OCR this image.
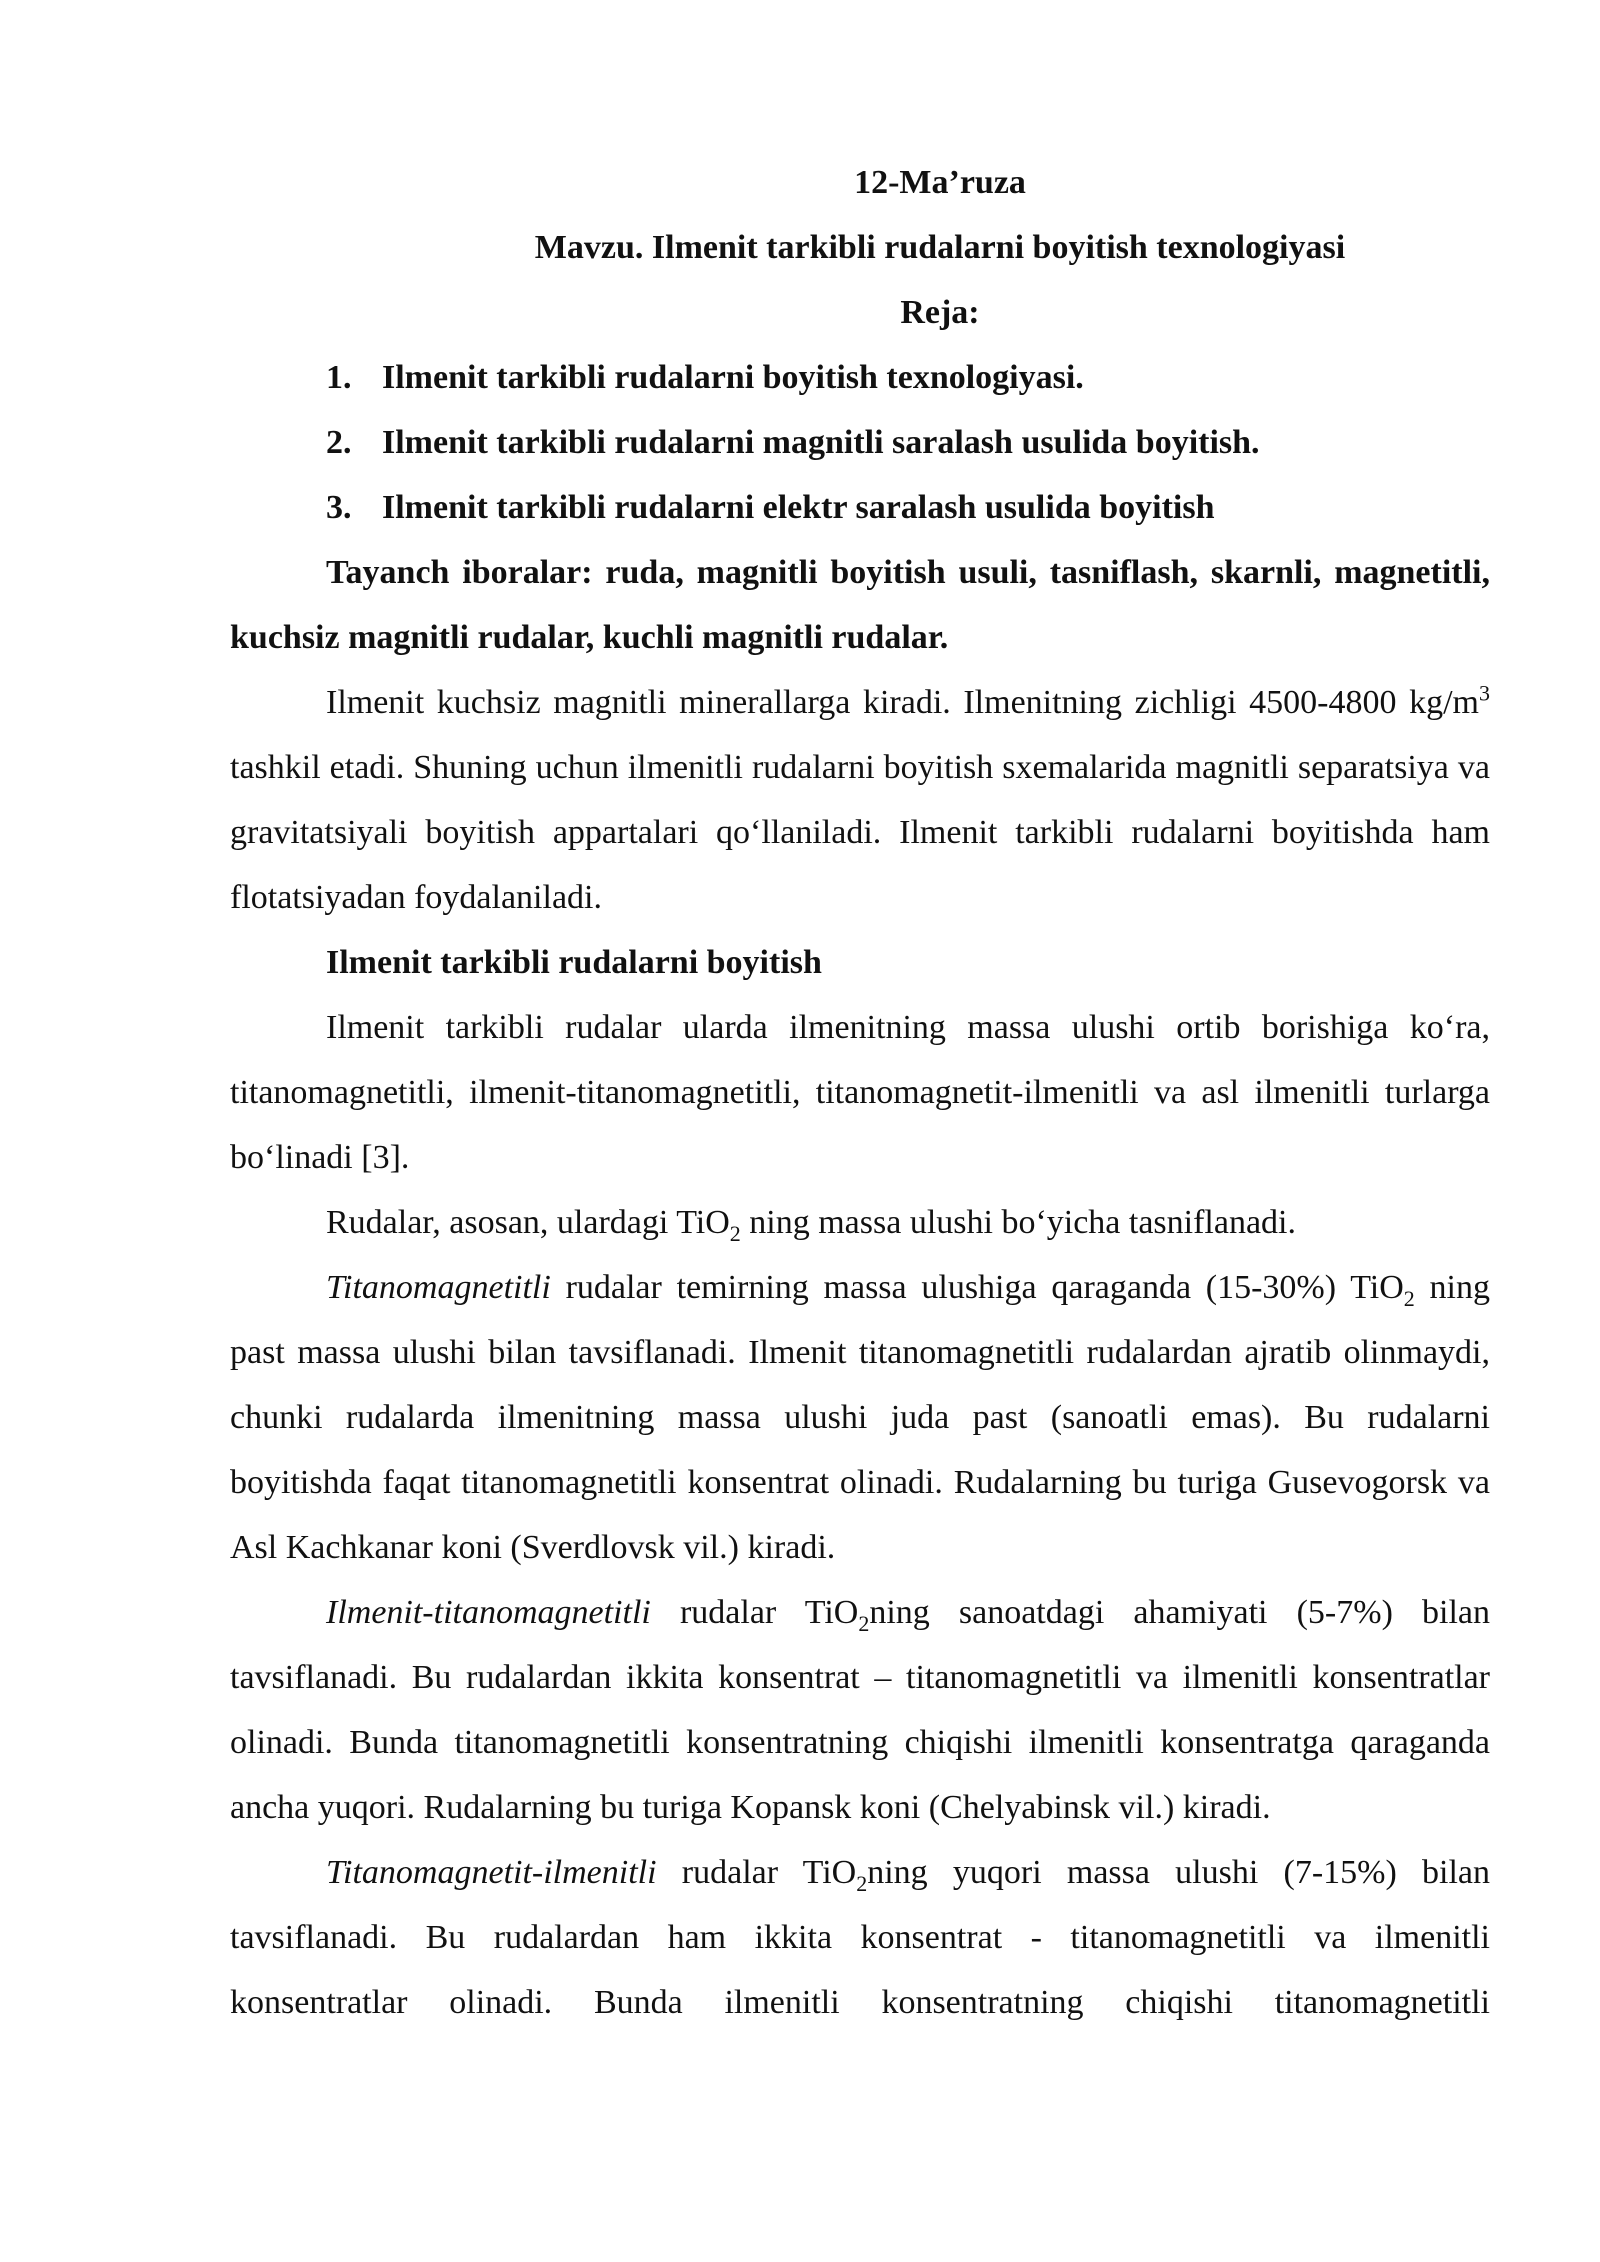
12-Ma’ruza
Mavzu. Ilmenit tarkibli rudalarni boyitish texnologiyasi
Reja:
1. Ilmenit tarkibli rudalarni boyitish texnologiyasi.
2. Ilmenit tarkibli rudalarni magnitli saralash usulida boyitish.
3. Ilmenit tarkibli rudalarni elektr saralash usulida boyitish

Tayanch iboralar: ruda, magnitli boyitish usuli, tasniflash, skarnli, magnetitli, kuchsiz magnitli rudalar, kuchli magnitli rudalar.

Ilmenit kuchsiz magnitli minerallarga kiradi. Ilmenitning zichligi 4500-4800 $kg/m^3$ tashkil etadi. Shuning uchun ilmenitli rudalarni boyitish sxemalarida magnitli separatsiya va gravitatsiyali boyitish appartalari qo‘llaniladi. Ilmenit tarkibli rudalarni boyitishda ham flotatsiyadan foydalaniladi.

Ilmenit tarkibli rudalarni boyitish

Ilmenit tarkibli rudalar ularda ilmenitning massa ulushi ortib borishiga ko‘ra, titanomagnetitli, ilmenit-titanomagnetitli, titanomagnetit-ilmenitli va asl ilmenitli turlarga bo‘linadi [3].

Rudalar, asosan, ulardagi TiO$_2$ ning massa ulushi bo‘yicha tasniflanadi.

Titanomagnetitli rudalar temirning massa ulushiga qaraganda (15-30%) TiO$_2$ ning past massa ulushi bilan tavsiflanadi. Ilmenit titanomagnetitli rudalardan ajratib olinmaydi, chunki rudalarda ilmenitning massa ulushi juda past (sanoatli emas). Bu rudalarni boyitishda faqat titanomagnetitli konsentrat olinadi. Rudalarning bu turiga Gusevogorsk va Asl Kachkanar koni (Sverdlovsk vil.) kiradi.

Ilmenit-titanomagnetitli rudalar TiO$_2$ning sanoatdagi ahamiyati (5-7%) bilan tavsiflanadi. Bu rudalardan ikkita konsentrat – titanomagnetitli va ilmenitli konsentratlar olinadi. Bunda titanomagnetitli konsentratning chiqishi ilmenitli konsentratga qaraganda ancha yuqori. Rudalarning bu turiga Kopansk koni (Chelyabinsk vil.) kiradi.

Titanomagnetit-ilmenitli rudalar TiO$_2$ning yuqori massa ulushi (7-15%) bilan tavsiflanadi. Bu rudalardan ham ikkita konsentrat - titanomagnetitli va ilmenitli konsentratlar olinadi. Bunda ilmenitli konsentratning chiqishi titanomagnetitli
